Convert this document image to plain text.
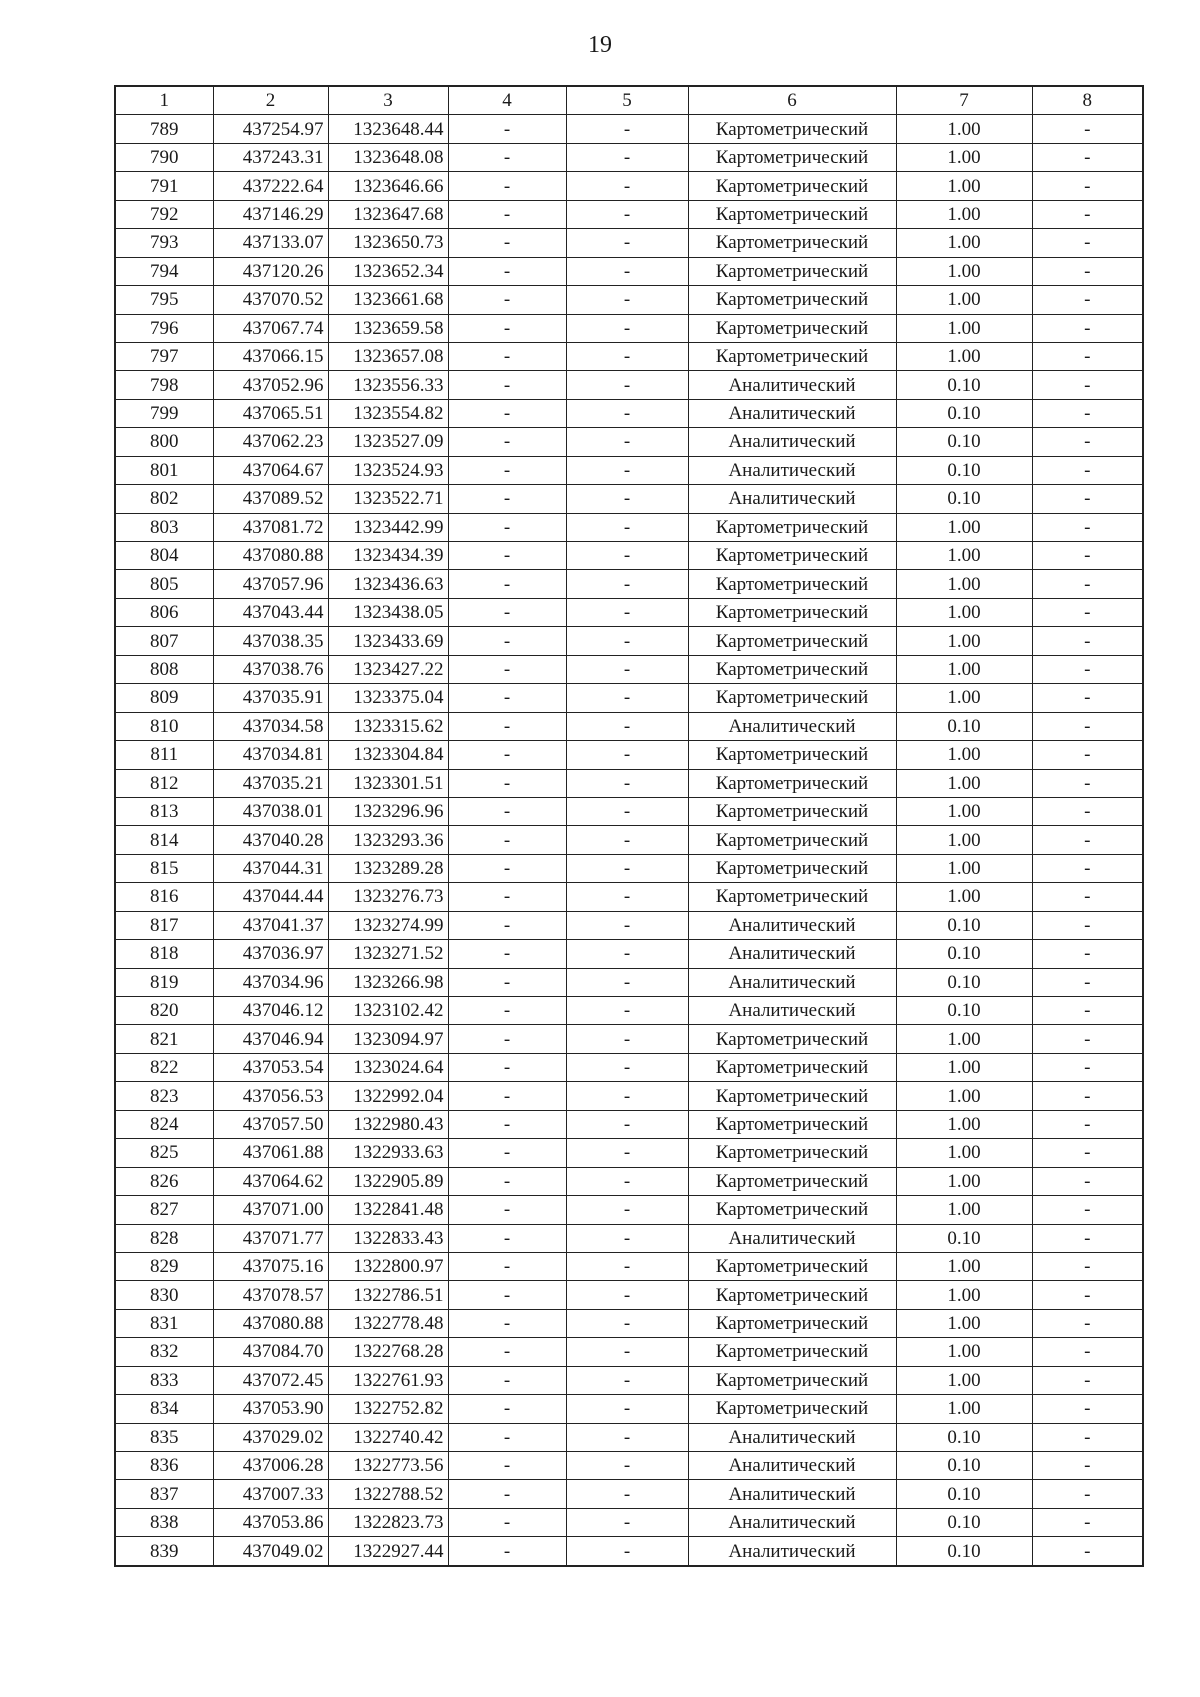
19
1	2	3	4	5	6	7	8
789	437254.97	1323648.44	-	-	Картометрический	1.00	-
790	437243.31	1323648.08	-	-	Картометрический	1.00	-
791	437222.64	1323646.66	-	-	Картометрический	1.00	-
792	437146.29	1323647.68	-	-	Картометрический	1.00	-
793	437133.07	1323650.73	-	-	Картометрический	1.00	-
794	437120.26	1323652.34	-	-	Картометрический	1.00	-
795	437070.52	1323661.68	-	-	Картометрический	1.00	-
796	437067.74	1323659.58	-	-	Картометрический	1.00	-
797	437066.15	1323657.08	-	-	Картометрический	1.00	-
798	437052.96	1323556.33	-	-	Аналитический	0.10	-
799	437065.51	1323554.82	-	-	Аналитический	0.10	-
800	437062.23	1323527.09	-	-	Аналитический	0.10	-
801	437064.67	1323524.93	-	-	Аналитический	0.10	-
802	437089.52	1323522.71	-	-	Аналитический	0.10	-
803	437081.72	1323442.99	-	-	Картометрический	1.00	-
804	437080.88	1323434.39	-	-	Картометрический	1.00	-
805	437057.96	1323436.63	-	-	Картометрический	1.00	-
806	437043.44	1323438.05	-	-	Картометрический	1.00	-
807	437038.35	1323433.69	-	-	Картометрический	1.00	-
808	437038.76	1323427.22	-	-	Картометрический	1.00	-
809	437035.91	1323375.04	-	-	Картометрический	1.00	-
810	437034.58	1323315.62	-	-	Аналитический	0.10	-
811	437034.81	1323304.84	-	-	Картометрический	1.00	-
812	437035.21	1323301.51	-	-	Картометрический	1.00	-
813	437038.01	1323296.96	-	-	Картометрический	1.00	-
814	437040.28	1323293.36	-	-	Картометрический	1.00	-
815	437044.31	1323289.28	-	-	Картометрический	1.00	-
816	437044.44	1323276.73	-	-	Картометрический	1.00	-
817	437041.37	1323274.99	-	-	Аналитический	0.10	-
818	437036.97	1323271.52	-	-	Аналитический	0.10	-
819	437034.96	1323266.98	-	-	Аналитический	0.10	-
820	437046.12	1323102.42	-	-	Аналитический	0.10	-
821	437046.94	1323094.97	-	-	Картометрический	1.00	-
822	437053.54	1323024.64	-	-	Картометрический	1.00	-
823	437056.53	1322992.04	-	-	Картометрический	1.00	-
824	437057.50	1322980.43	-	-	Картометрический	1.00	-
825	437061.88	1322933.63	-	-	Картометрический	1.00	-
826	437064.62	1322905.89	-	-	Картометрический	1.00	-
827	437071.00	1322841.48	-	-	Картометрический	1.00	-
828	437071.77	1322833.43	-	-	Аналитический	0.10	-
829	437075.16	1322800.97	-	-	Картометрический	1.00	-
830	437078.57	1322786.51	-	-	Картометрический	1.00	-
831	437080.88	1322778.48	-	-	Картометрический	1.00	-
832	437084.70	1322768.28	-	-	Картометрический	1.00	-
833	437072.45	1322761.93	-	-	Картометрический	1.00	-
834	437053.90	1322752.82	-	-	Картометрический	1.00	-
835	437029.02	1322740.42	-	-	Аналитический	0.10	-
836	437006.28	1322773.56	-	-	Аналитический	0.10	-
837	437007.33	1322788.52	-	-	Аналитический	0.10	-
838	437053.86	1322823.73	-	-	Аналитический	0.10	-
839	437049.02	1322927.44	-	-	Аналитический	0.10	-
